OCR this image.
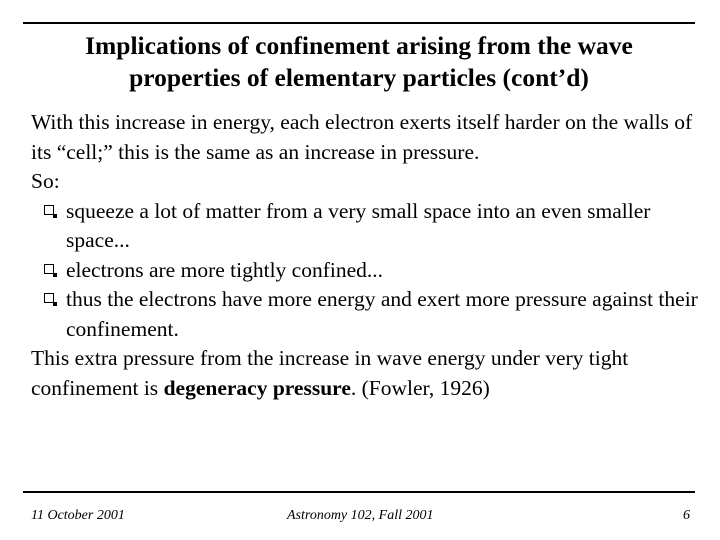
Implications of confinement arising from the wave
properties of elementary particles (cont’d)

With this increase in energy, each electron exerts itself harder on the walls of its “cell;” this is the same as an increase in pressure.

So:

squeeze a lot of matter from a very small space into an even smaller space...
electrons are more tightly confined...
thus the electrons have more energy and exert more pressure against their confinement.

This extra pressure from the increase in wave energy under very tight confinement is degeneracy pressure. (Fowler, 1926)

11 October 2001	Astronomy 102, Fall 2001	6
